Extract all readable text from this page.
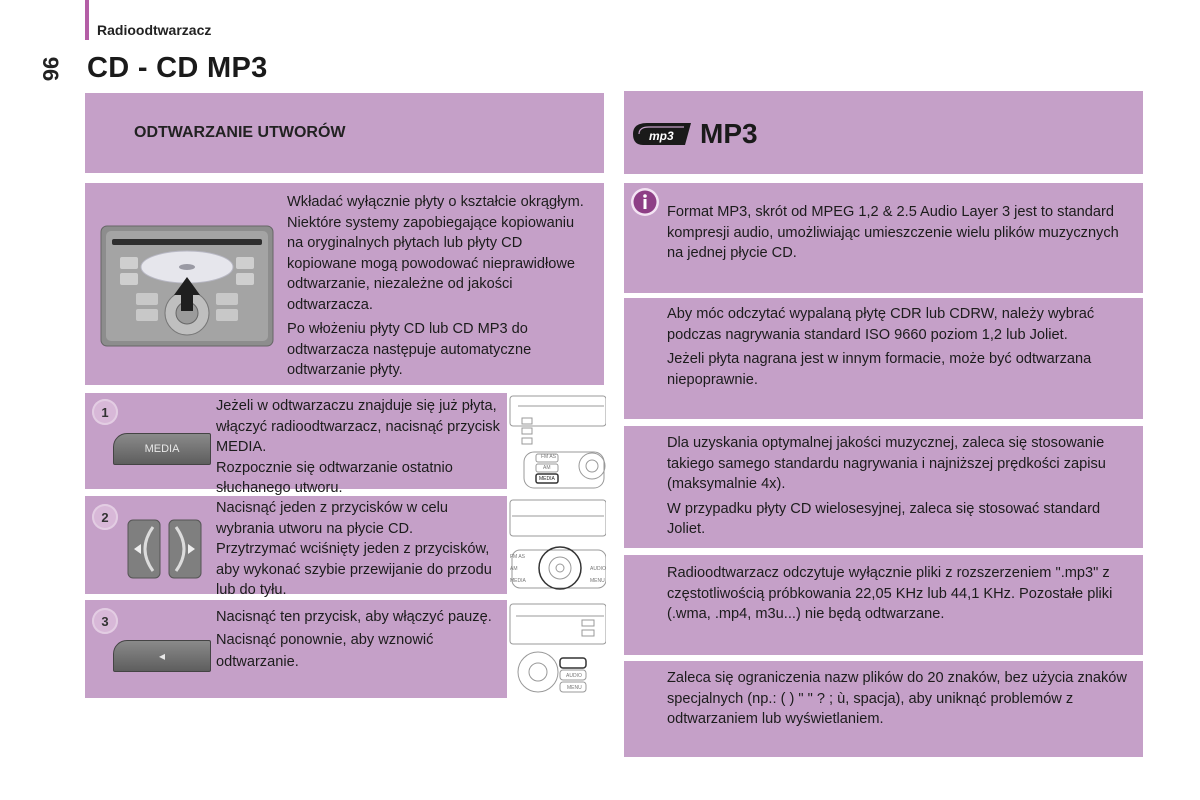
Radioodtwarzacz
96 CD - CD MP3
ODTWARZANIE UTWORÓW

Wkładać wyłącznie płyty o kształcie okrągłym. Niektóre systemy zapobiegające kopiowaniu na oryginalnych płytach lub płyty CD kopiowane mogą powodować nieprawidłowe odtwarzanie, niezależne od jakości odtwarzacza.

Po włożeniu płyty CD lub CD MP3 do odtwarzacza następuje automatyczne odtwarzanie płyty.

1
MEDIA

Jeżeli w odtwarzaczu znajduje się już płyta, włączyć radioodtwarzacz, nacisnąć przycisk MEDIA.

Rozpocznie się odtwarzanie ostatnio słuchanego utworu.

2

Nacisnąć jeden z przycisków w celu wybrania utworu na płycie CD.

Przytrzymać wciśnięty jeden z przycisków, aby wykonać szybie przewijanie do przodu lub do tyłu.

3
◂

Nacisnąć ten przycisk, aby włączyć pauzę.

Nacisnąć ponownie, aby wznowić odtwarzanie.

FM AS
AM
MEDIA
FM AS
AM
MEDIA
AUDIO
MENU
AUDIO
MENU
mp3 MP3

Format MP3, skrót od MPEG 1,2 & 2.5 Audio Layer 3 jest to standard kompresji audio, umożliwiając umieszczenie wielu plików muzycznych na jednej płycie CD.

Aby móc odczytać wypalaną płytę CDR lub CDRW, należy wybrać podczas nagrywania standard ISO 9660 poziom 1,2 lub Joliet.

Jeżeli płyta nagrana jest w innym formacie, może być odtwarzana niepoprawnie.

Dla uzyskania optymalnej jakości muzycznej, zaleca się stosowanie takiego samego standardu nagrywania i najniższej prędkości zapisu (maksymalnie 4x).

W przypadku płyty CD wielosesyjnej, zaleca się stosować standard Joliet.

Radioodtwarzacz odczytuje wyłącznie pliki z rozszerzeniem ".mp3" z częstotliwością próbkowania 22,05 KHz lub 44,1 KHz. Pozostałe pliki (.wma, .mp4, m3u...) nie będą odtwarzane.

Zaleca się ograniczenia nazw plików do 20 znaków, bez użycia znaków specjalnych (np.: ( ) " " ? ; ù, spacja), aby uniknąć problemów z odtwarzaniem lub wyświetlaniem.
